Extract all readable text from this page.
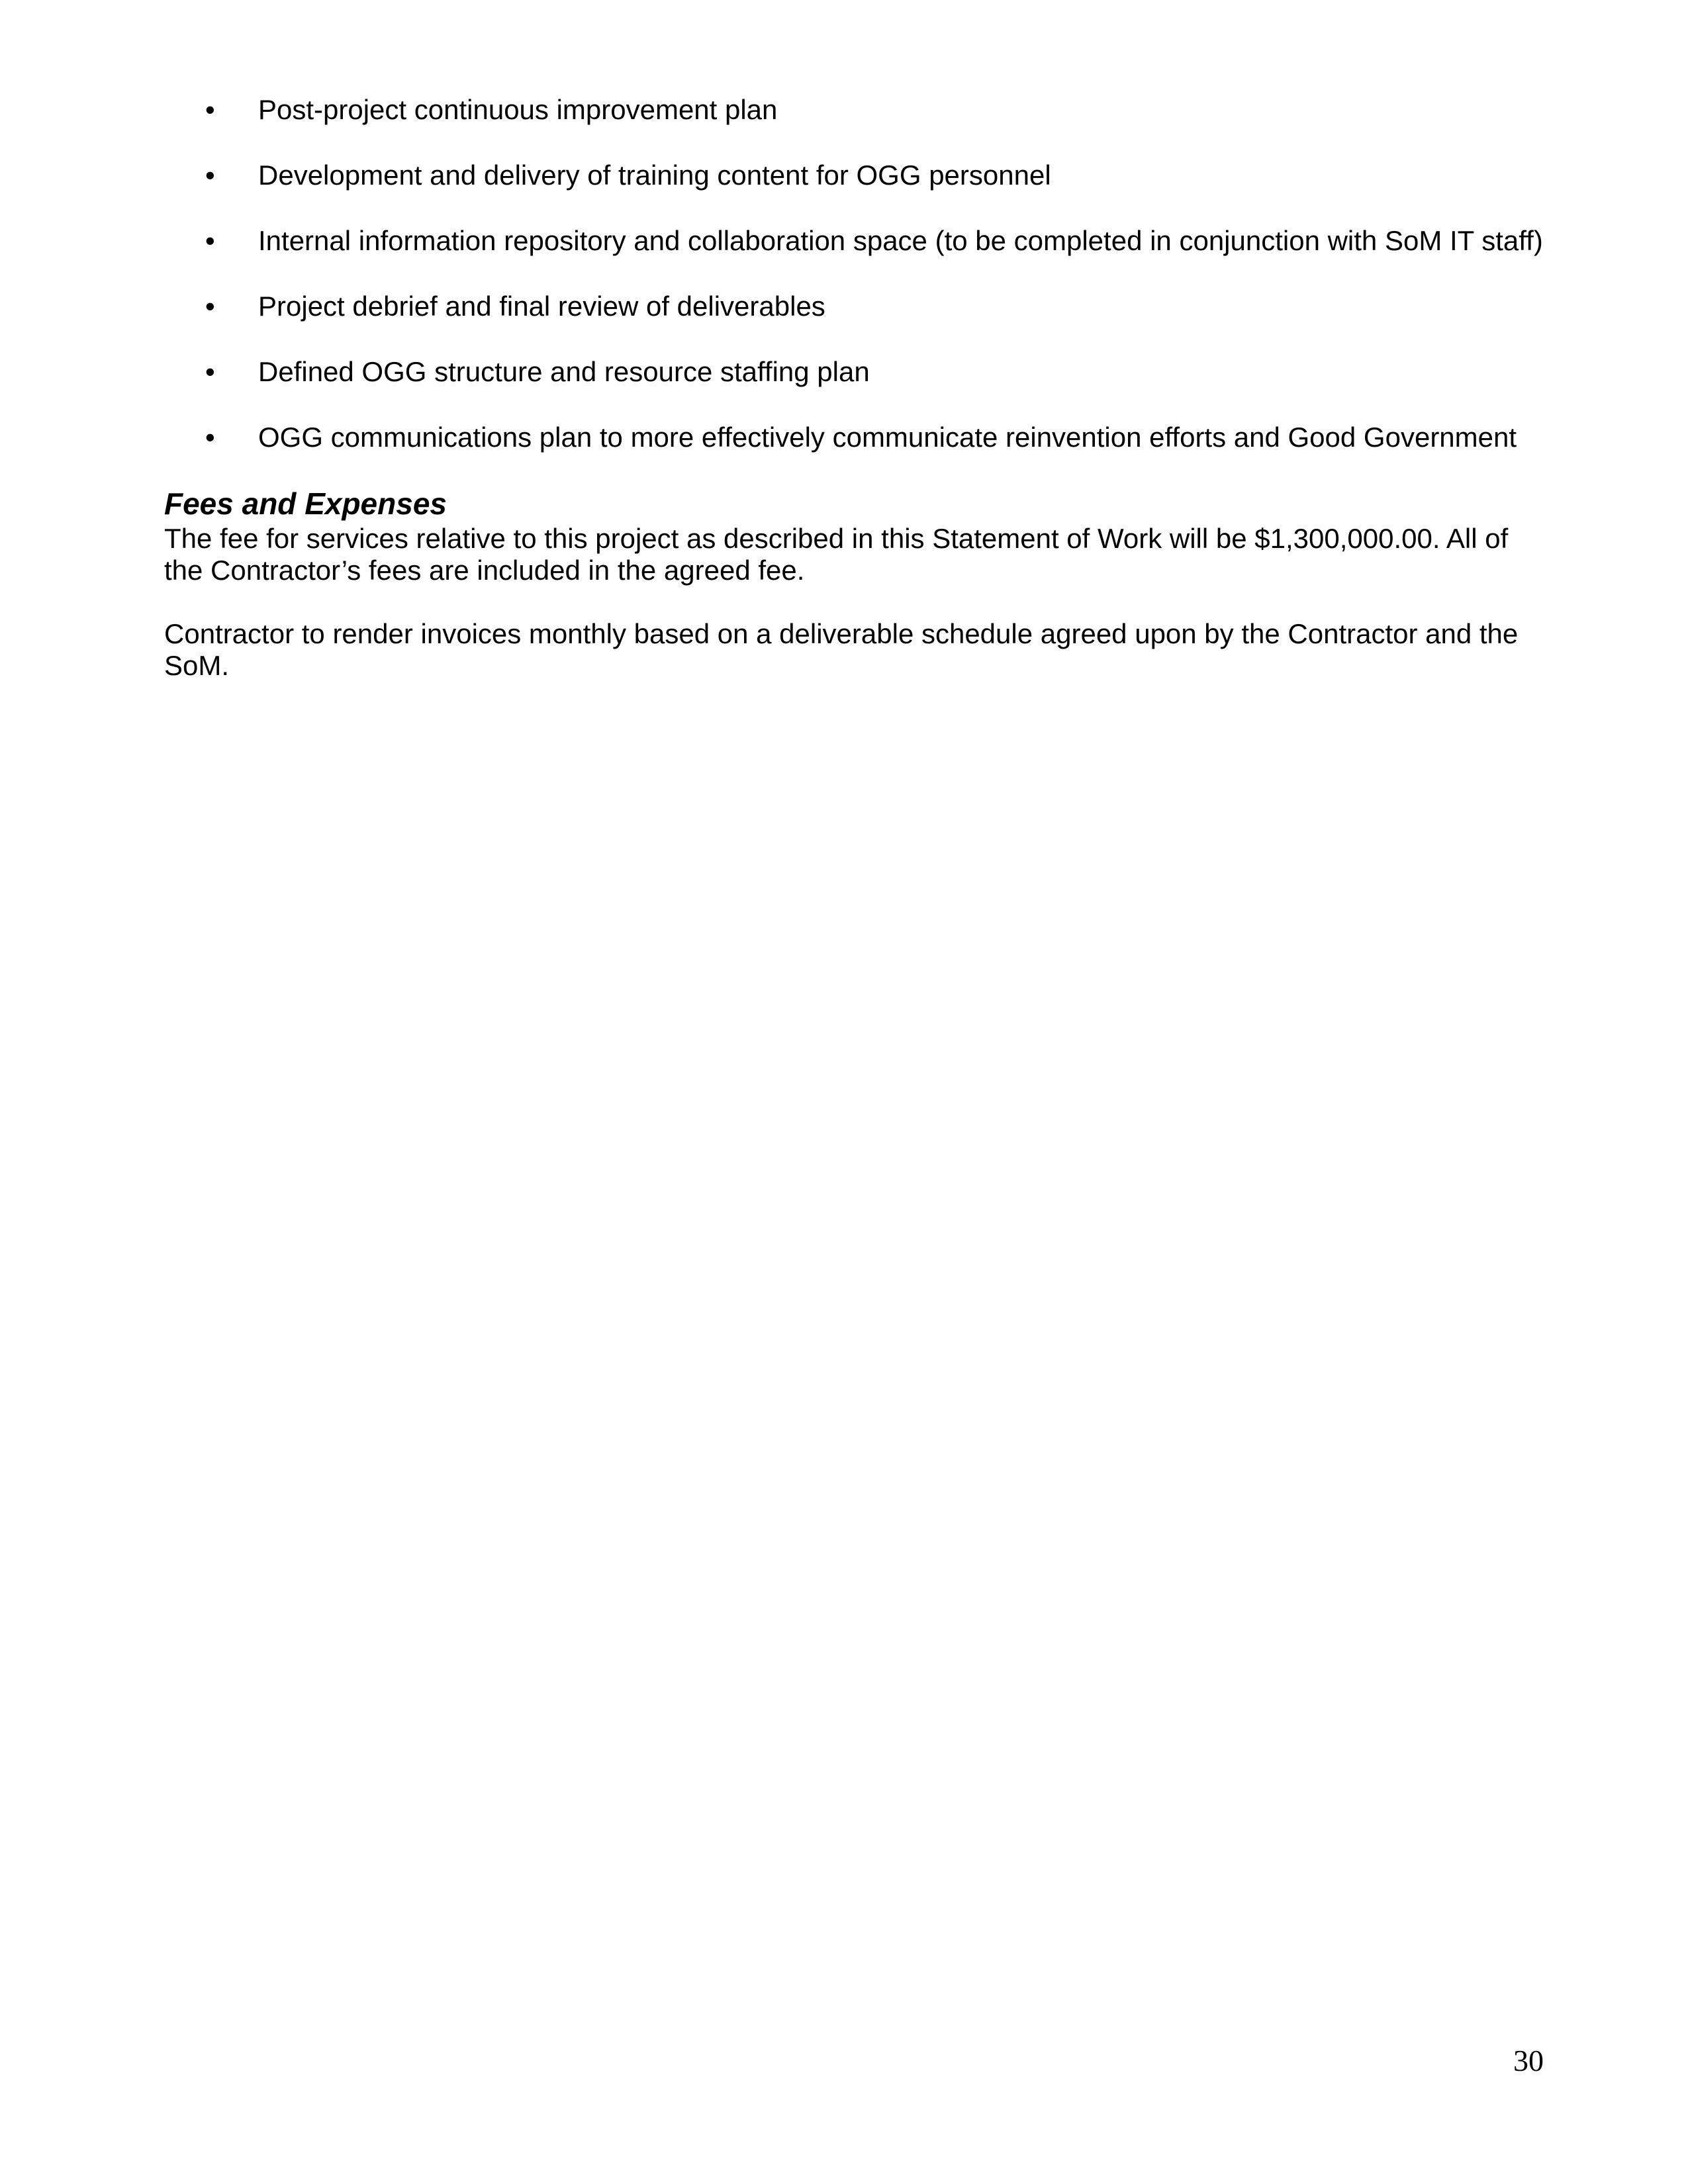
•	Post-project continuous improvement plan
•	Development and delivery of training content for OGG personnel
•	Internal information repository and collaboration space (to be completed in conjunction with SoM IT staff)
•	Project debrief and final review of deliverables
•	Defined OGG structure and resource staffing plan
•	OGG communications plan to more effectively communicate reinvention efforts and Good Government
Fees and Expenses

The fee for services relative to this project as described in this Statement of Work will be $1,300,000.00. All of the Contractor’s fees are included in the agreed fee.

Contractor to render invoices monthly based on a deliverable schedule agreed upon by the Contractor and the SoM.

30
